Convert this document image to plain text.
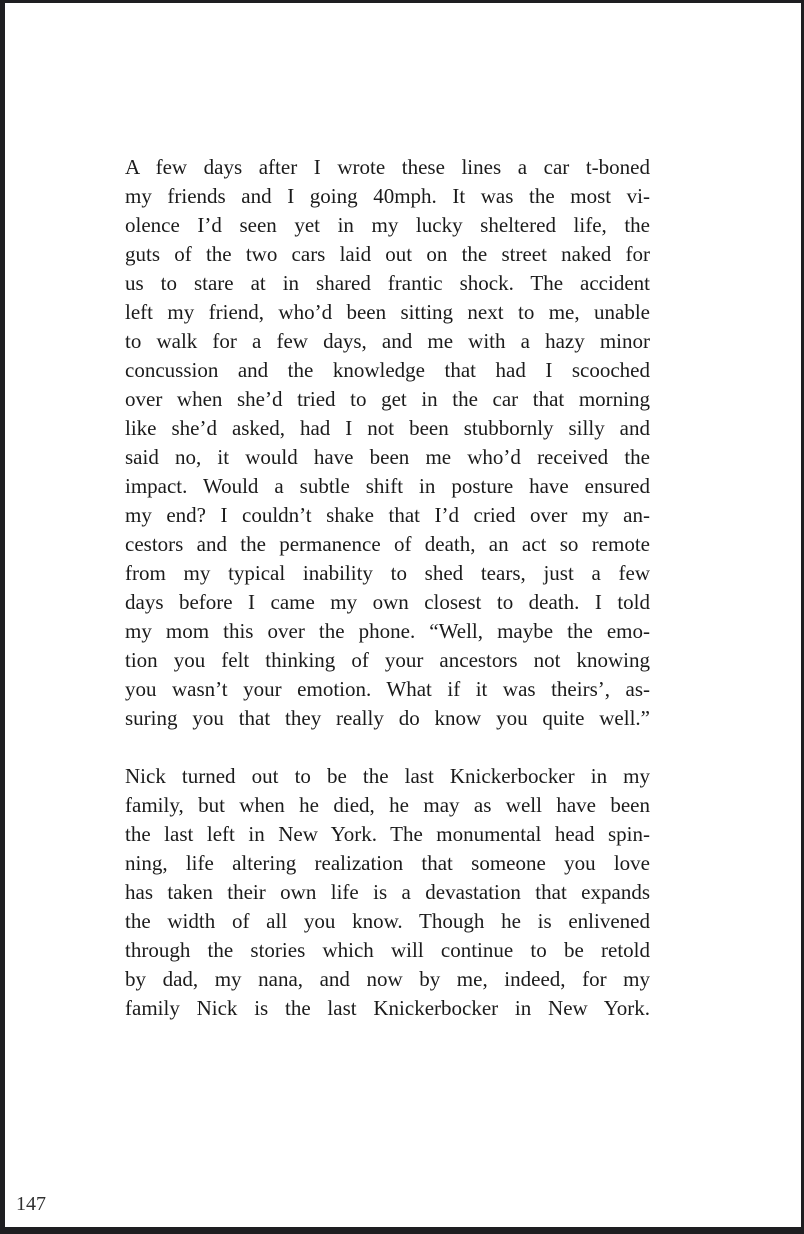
A few days after I wrote these lines a car t-boned
my friends and I going 40mph. It was the most vi-
olence I’d seen yet in my lucky sheltered life, the
guts of the two cars laid out on the street naked for
us to stare at in shared frantic shock. The accident
left my friend, who’d been sitting next to me, unable
to walk for a few days, and me with a hazy minor
concussion and the knowledge that had I scooched
over when she’d tried to get in the car that morning
like she’d asked, had I not been stubbornly silly and
said no, it would have been me who’d received the
impact. Would a subtle shift in posture have ensured
my end? I couldn’t shake that I’d cried over my an-
cestors and the permanence of death, an act so remote
from my typical inability to shed tears, just a few
days before I came my own closest to death. I told
my mom this over the phone. “Well, maybe the emo-
tion you felt thinking of your ancestors not knowing
you wasn’t your emotion. What if it was theirs’, as-
suring you that they really do know you quite well.”
Nick turned out to be the last Knickerbocker in my
family, but when he died, he may as well have been
the last left in New York. The monumental head spin-
ning, life altering realization that someone you love
has taken their own life is a devastation that expands
the width of all you know. Though he is enlivened
through the stories which will continue to be retold
by dad, my nana, and now by me, indeed, for my
family Nick is the last Knickerbocker in New York.
147
